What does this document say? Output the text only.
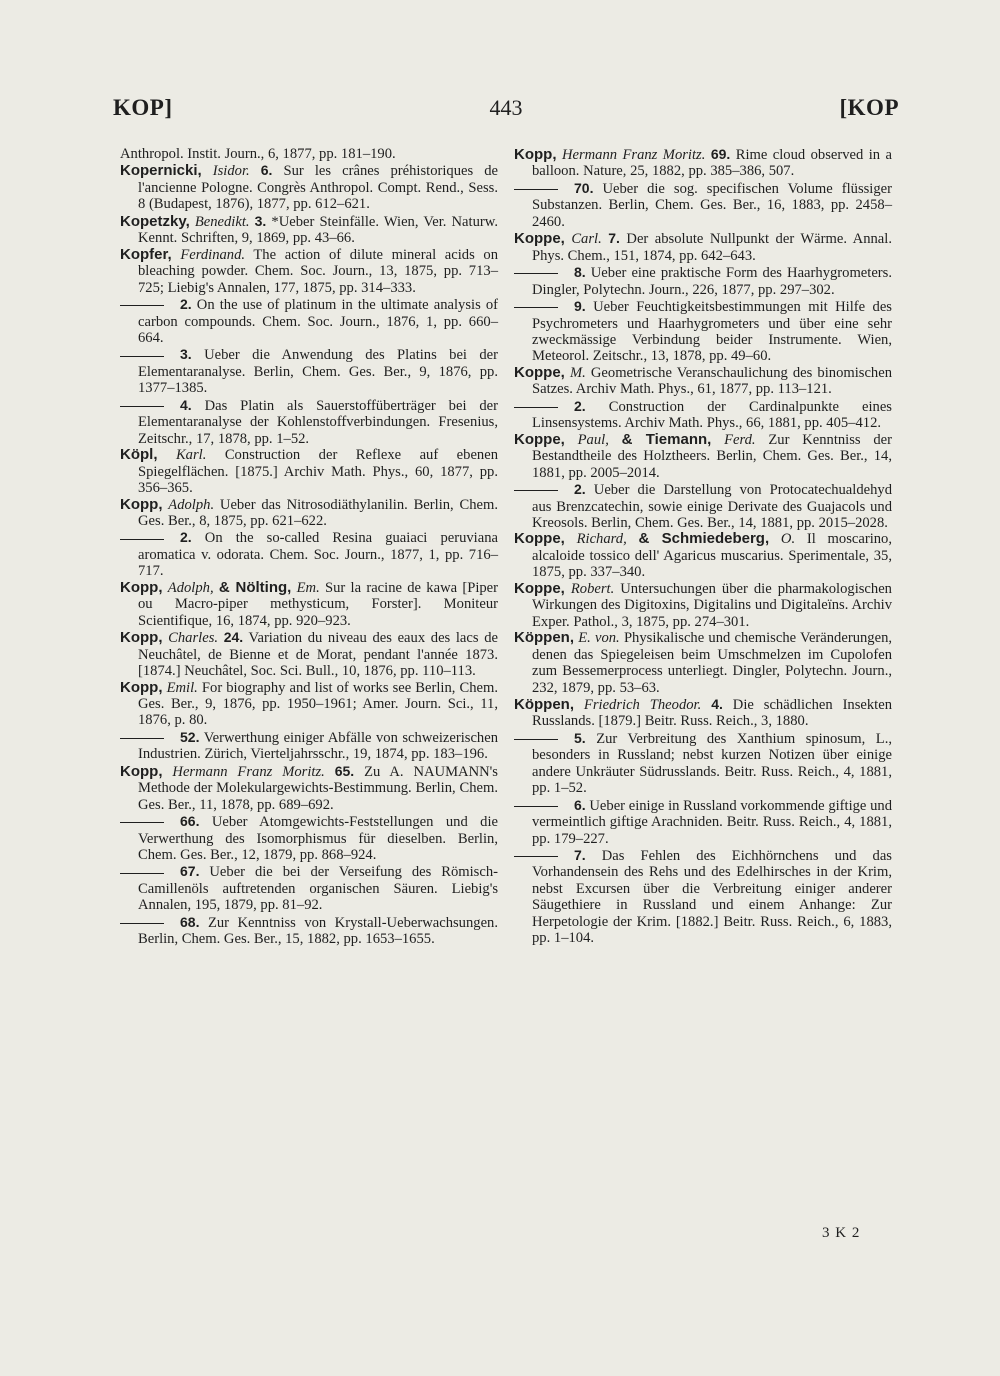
KOP]	443	[KOP

Anthropol. Instit. Journ., 6, 1877, pp. 181–190.

Kopernicki, Isidor. 6. Sur les crânes préhistoriques de l'ancienne Pologne. Congrès Anthropol. Compt. Rend., Sess. 8 (Budapest, 1876), 1877, pp. 612–621.

Kopetzky, Benedikt. 3. *Ueber Steinfälle. Wien, Ver. Naturw. Kennt. Schriften, 9, 1869, pp. 43–66.

Kopfer, Ferdinand. The action of dilute mineral acids on bleaching powder. Chem. Soc. Journ., 13, 1875, pp. 713–725; Liebig's Annalen, 177, 1875, pp. 314–333.

2. On the use of platinum in the ultimate analysis of carbon compounds. Chem. Soc. Journ., 1876, 1, pp. 660–664.

3. Ueber die Anwendung des Platins bei der Elementaranalyse. Berlin, Chem. Ges. Ber., 9, 1876, pp. 1377–1385.

4. Das Platin als Sauerstoffüberträger bei der Elementaranalyse der Kohlenstoffverbindungen. Fresenius, Zeitschr., 17, 1878, pp. 1–52.

Köpl, Karl. Construction der Reflexe auf ebenen Spiegelflächen. [1875.] Archiv Math. Phys., 60, 1877, pp. 356–365.

Kopp, Adolph. Ueber das Nitrosodiäthylanilin. Berlin, Chem. Ges. Ber., 8, 1875, pp. 621–622.

2. On the so-called Resina guaiaci peruviana aromatica v. odorata. Chem. Soc. Journ., 1877, 1, pp. 716–717.

Kopp, Adolph, & Nölting, Em. Sur la racine de kawa [Piper ou Macro-piper methysticum, Forster]. Moniteur Scientifique, 16, 1874, pp. 920–923.

Kopp, Charles. 24. Variation du niveau des eaux des lacs de Neuchâtel, de Bienne et de Morat, pendant l'année 1873. [1874.] Neuchâtel, Soc. Sci. Bull., 10, 1876, pp. 110–113.

Kopp, Emil. For biography and list of works see Berlin, Chem. Ges. Ber., 9, 1876, pp. 1950–1961; Amer. Journ. Sci., 11, 1876, p. 80.

52. Verwerthung einiger Abfälle von schweizerischen Industrien. Zürich, Vierteljahrsschr., 19, 1874, pp. 183–196.

Kopp, Hermann Franz Moritz. 65. Zu A. NAUMANN's Methode der Molekulargewichts-Bestimmung. Berlin, Chem. Ges. Ber., 11, 1878, pp. 689–692.

66. Ueber Atomgewichts-Feststellungen und die Verwerthung des Isomorphismus für dieselben. Berlin, Chem. Ges. Ber., 12, 1879, pp. 868–924.

67. Ueber die bei der Verseifung des Römisch-Camillenöls auftretenden organischen Säuren. Liebig's Annalen, 195, 1879, pp. 81–92.

68. Zur Kenntniss von Krystall-Ueberwachsungen. Berlin, Chem. Ges. Ber., 15, 1882, pp. 1653–1655.

Kopp, Hermann Franz Moritz. 69. Rime cloud observed in a balloon. Nature, 25, 1882, pp. 385–386, 507.

70. Ueber die sog. specifischen Volume flüssiger Substanzen. Berlin, Chem. Ges. Ber., 16, 1883, pp. 2458–2460.

Koppe, Carl. 7. Der absolute Nullpunkt der Wärme. Annal. Phys. Chem., 151, 1874, pp. 642–643.

8. Ueber eine praktische Form des Haarhygrometers. Dingler, Polytechn. Journ., 226, 1877, pp. 297–302.

9. Ueber Feuchtigkeitsbestimmungen mit Hilfe des Psychrometers und Haarhygrometers und über eine sehr zweckmässige Verbindung beider Instrumente. Wien, Meteorol. Zeitschr., 13, 1878, pp. 49–60.

Koppe, M. Geometrische Veranschaulichung des binomischen Satzes. Archiv Math. Phys., 61, 1877, pp. 113–121.

2. Construction der Cardinalpunkte eines Linsensystems. Archiv Math. Phys., 66, 1881, pp. 405–412.

Koppe, Paul, & Tiemann, Ferd. Zur Kenntniss der Bestandtheile des Holztheers. Berlin, Chem. Ges. Ber., 14, 1881, pp. 2005–2014.

2. Ueber die Darstellung von Protocatechualdehyd aus Brenzcatechin, sowie einige Derivate des Guajacols und Kreosols. Berlin, Chem. Ges. Ber., 14, 1881, pp. 2015–2028.

Koppe, Richard, & Schmiedeberg, O. Il moscarino, alcaloide tossico dell' Agaricus muscarius. Sperimentale, 35, 1875, pp. 337–340.

Koppe, Robert. Untersuchungen über die pharmakologischen Wirkungen des Digitoxins, Digitalins und Digitaleïns. Archiv Exper. Pathol., 3, 1875, pp. 274–301.

Köppen, E. von. Physikalische und chemische Veränderungen, denen das Spiegeleisen beim Umschmelzen im Cupolofen zum Bessemerprocess unterliegt. Dingler, Polytechn. Journ., 232, 1879, pp. 53–63.

Köppen, Friedrich Theodor. 4. Die schädlichen Insekten Russlands. [1879.] Beitr. Russ. Reich., 3, 1880.

5. Zur Verbreitung des Xanthium spinosum, L., besonders in Russland; nebst kurzen Notizen über einige andere Unkräuter Südrusslands. Beitr. Russ. Reich., 4, 1881, pp. 1–52.

6. Ueber einige in Russland vorkommende giftige und vermeintlich giftige Arachniden. Beitr. Russ. Reich., 4, 1881, pp. 179–227.

7. Das Fehlen des Eichhörnchens und das Vorhandensein des Rehs und des Edelhirsches in der Krim, nebst Excursen über die Verbreitung einiger anderer Säugethiere in Russland und einem Anhange: Zur Herpetologie der Krim. [1882.] Beitr. Russ. Reich., 6, 1883, pp. 1–104.

3 K 2
